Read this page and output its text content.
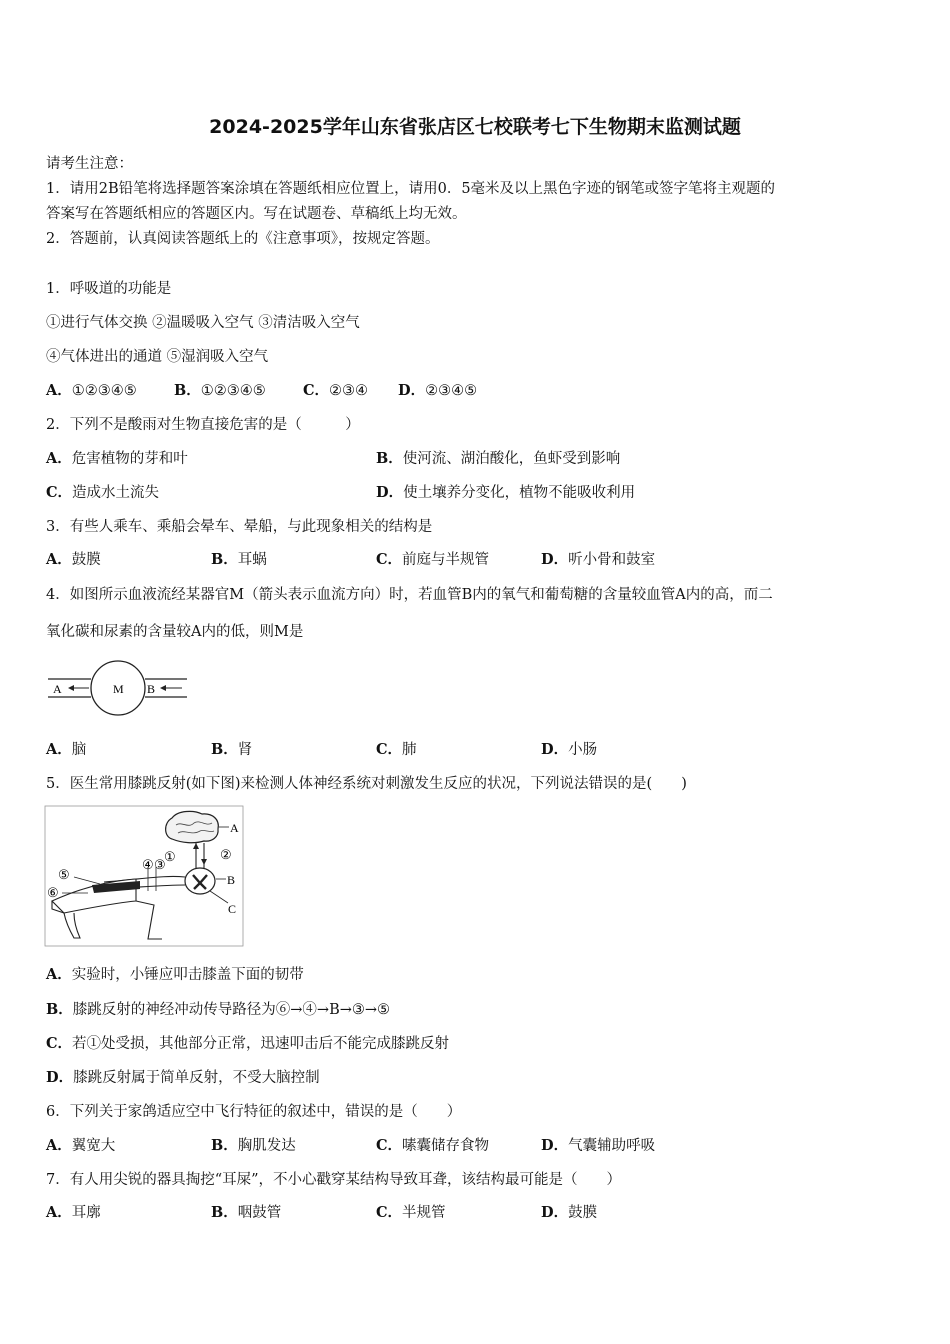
2024-2025学年山东省张店区七校联考七下生物期末监测试题
请考生注意：
1．请用2B铅笔将选择题答案涂填在答题纸相应位置上，请用0．5毫米及以上黑色字迹的钢笔或签字笔将主观题的
答案写在答题纸相应的答题区内。写在试题卷、草稿纸上均无效。
2．答题前，认真阅读答题纸上的《注意事项》，按规定答题。
1．呼吸道的功能是
①进行气体交换 ②温暖吸入空气 ③清洁吸入空气
④气体进出的通道 ⑤湿润吸入空气
A．①②③④⑤	B．①②③④⑤	C．②③④ D．②③④⑤
2．下列不是酸雨对生物直接危害的是（　　　）
A．危害植物的芽和叶	B．使河流、湖泊酸化，鱼虾受到影响
C．造成水土流失	D．使土壤养分变化，植物不能吸收利用
3．有些人乘车、乘船会晕车、晕船，与此现象相关的结构是
A．鼓膜	B．耳蜗	C．前庭与半规管	D．听小骨和鼓室
4．如图所示血液流经某器官M（箭头表示血流方向）时，若血管B内的氧气和葡萄糖的含量较血管A内的高，而二
氧化碳和尿素的含量较A内的低，则M是
A	M B
A．脑	B．肾	C．肺	D．小肠
5．医生常用膝跳反射(如下图)来检测人体神经系统对刺激发生反应的状况，下列说法错误的是(　　)
A
B
C
①	②
④ ③
⑤
⑥
A．实验时，小锤应叩击膝盖下面的韧带
B．膝跳反射的神经冲动传导路径为⑥→④→B→③→⑤
C．若①处受损，其他部分正常，迅速叩击后不能完成膝跳反射
D．膝跳反射属于简单反射，不受大脑控制
6．下列关于家鸽适应空中飞行特征的叙述中，错误的是（　　）
A．翼宽大	B．胸肌发达	C．嗉囊储存食物	D．气囊辅助呼吸
7．有人用尖锐的器具掏挖“耳屎”，不小心戳穿某结构导致耳聋，该结构最可能是（　　）
A．耳廓	B．咽鼓管	C．半规管	D．鼓膜
